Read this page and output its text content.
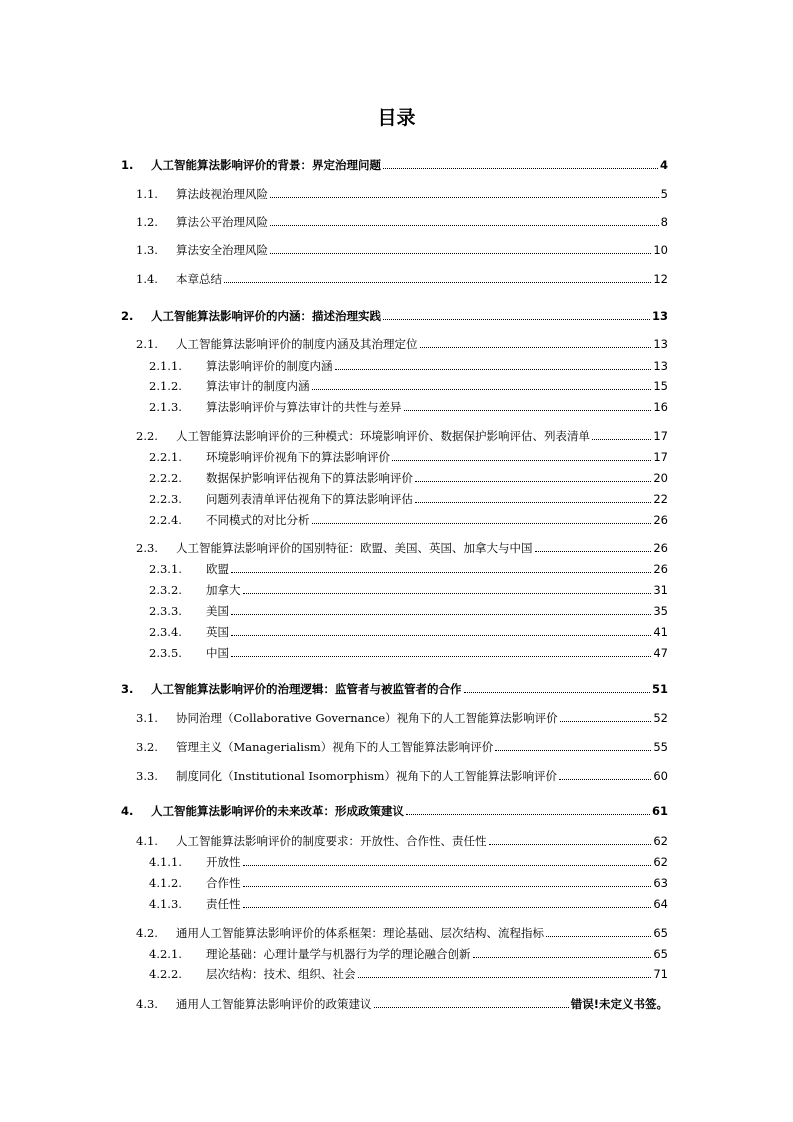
目录
1.	人工智能算法影响评价的背景：界定治理问题	4
1.1.	算法歧视治理风险	5
1.2.	算法公平治理风险	8
1.3.	算法安全治理风险	10
1.4.	本章总结	12
2.	人工智能算法影响评价的内涵：描述治理实践	13
2.1.	人工智能算法影响评价的制度内涵及其治理定位	13
2.1.1.	算法影响评价的制度内涵	13
2.1.2.	算法审计的制度内涵	15
2.1.3.	算法影响评价与算法审计的共性与差异	16
2.2.	人工智能算法影响评价的三种模式：环境影响评价、数据保护影响评估、列表清单	17
2.2.1.	环境影响评价视角下的算法影响评价	17
2.2.2.	数据保护影响评估视角下的算法影响评价	20
2.2.3.	问题列表清单评估视角下的算法影响评估	22
2.2.4.	不同模式的对比分析	26
2.3.	人工智能算法影响评价的国别特征：欧盟、美国、英国、加拿大与中国	26
2.3.1.	欧盟	26
2.3.2.	加拿大	31
2.3.3.	美国	35
2.3.4.	英国	41
2.3.5.	中国	47
3.	人工智能算法影响评价的治理逻辑：监管者与被监管者的合作	51
3.1.	协同治理（Collaborative Governance）视角下的人工智能算法影响评价	52
3.2.	管理主义（Managerialism）视角下的人工智能算法影响评价	55
3.3.	制度同化（Institutional Isomorphism）视角下的人工智能算法影响评价	60
4.	人工智能算法影响评价的未来改革：形成政策建议	61
4.1.	人工智能算法影响评价的制度要求：开放性、合作性、责任性	62
4.1.1.	开放性	62
4.1.2.	合作性	63
4.1.3.	责任性	64
4.2.	通用人工智能算法影响评价的体系框架：理论基础、层次结构、流程指标	65
4.2.1.	理论基础：心理计量学与机器行为学的理论融合创新	65
4.2.2.	层次结构：技术、组织、社会	71
4.3.	通用人工智能算法影响评价的政策建议	错误!未定义书签。
